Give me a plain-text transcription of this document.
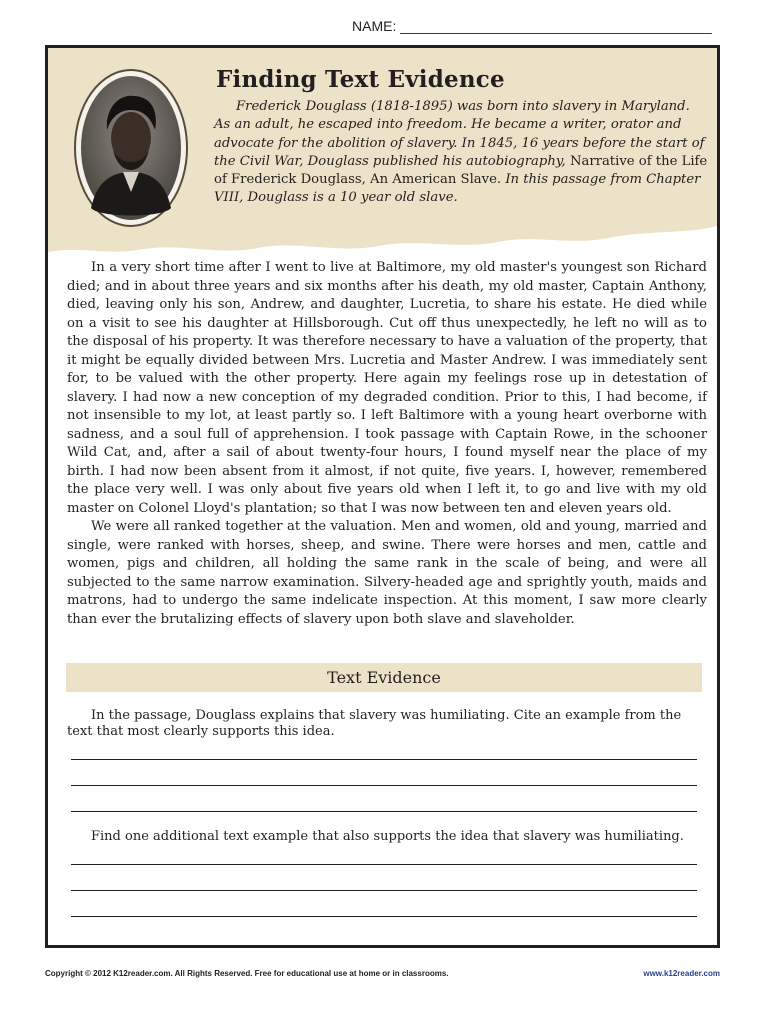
NAME: ________________________________________
Finding Text Evidence
Frederick Douglass (1818-1895) was born into slavery in Maryland. As an adult, he escaped into freedom. He became a writer, orator and advocate for the abolition of slavery. In 1845, 16 years before the start of the Civil War, Douglass published his autobiography, Narrative of the Life of Frederick Douglass, An American Slave. In this passage from Chapter VIII, Douglass is a 10 year old slave.

In a very short time after I went to live at Baltimore, my old master's youngest son Richard died; and in about three years and six months after his death, my old master, Captain Anthony, died, leaving only his son, Andrew, and daughter, Lucretia, to share his estate. He died while on a visit to see his daughter at Hillsborough. Cut off thus unexpectedly, he left no will as to the disposal of his property. It was therefore necessary to have a valuation of the property, that it might be equally divided between Mrs. Lucretia and Master Andrew. I was immediately sent for, to be valued with the other property. Here again my feelings rose up in detestation of slavery. I had now a new conception of my degraded condition. Prior to this, I had become, if not insensible to my lot, at least partly so. I left Baltimore with a young heart overborne with sadness, and a soul full of apprehension. I took passage with Captain Rowe, in the schooner Wild Cat, and, after a sail of about twenty-four hours, I found myself near the place of my birth. I had now been absent from it almost, if not quite, five years. I, however, remembered the place very well. I was only about five years old when I left it, to go and live with my old master on Colonel Lloyd's plantation; so that I was now between ten and eleven years old.

We were all ranked together at the valuation. Men and women, old and young, married and single, were ranked with horses, sheep, and swine. There were horses and men, cattle and women, pigs and children, all holding the same rank in the scale of being, and were all subjected to the same narrow examination. Silvery-headed age and sprightly youth, maids and matrons, had to undergo the same indelicate inspection. At this moment, I saw more clearly than ever the brutalizing effects of slavery upon both slave and slaveholder.

Text Evidence
In the passage, Douglass explains that slavery was humiliating. Cite an example from the text that most clearly supports this idea.
Find one additional text example that also supports the idea that slavery was humiliating.
Copyright © 2012 K12reader.com. All Rights Reserved. Free for educational use at home or in classrooms.	www.k12reader.com
